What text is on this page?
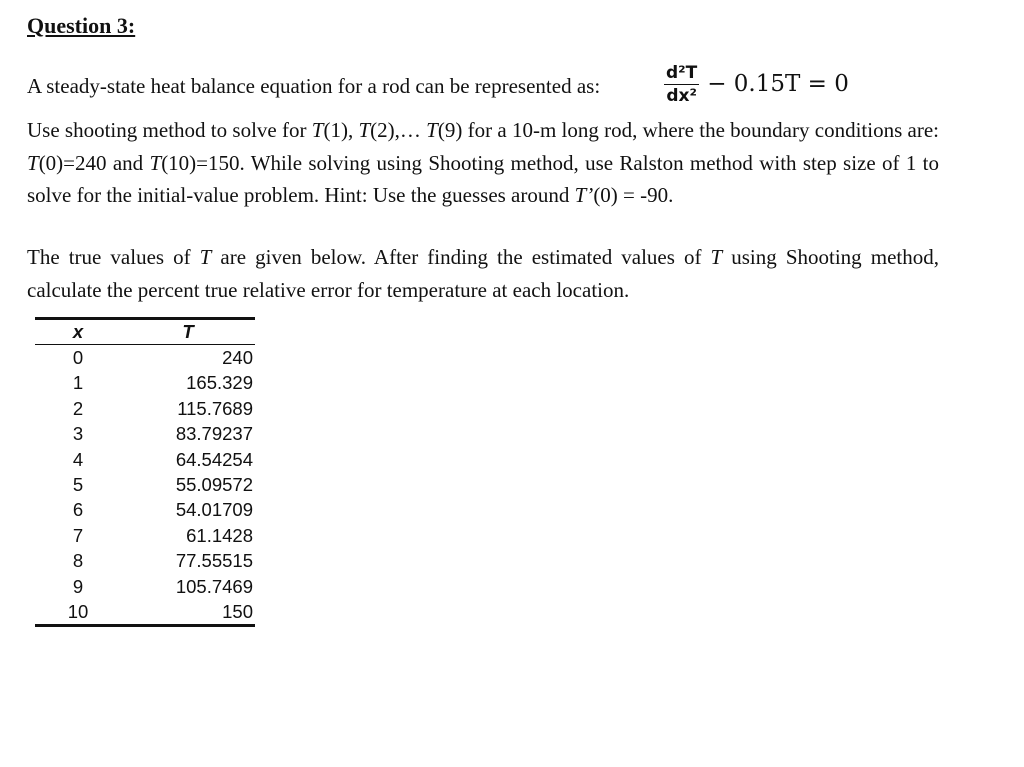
Question 3:
A steady-state heat balance equation for a rod can be represented as:	$\frac{\text{d²T}}{\text{dx²}} - 0.15T = 0$
Use shooting method to solve for T(1), T(2),… T(9) for a 10-m long rod, where the boundary conditions are: T(0)=240 and T(10)=150. While solving using Shooting method, use Ralston method with step size of 1 to solve for the initial-value problem. Hint: Use the guesses around T’(0) = -90.
The true values of T are given below. After finding the estimated values of T using Shooting method, calculate the percent true relative error for temperature at each location.
x	T
0	240
1	165.329
2	115.7689
3	83.79237
4	64.54254
5	55.09572
6	54.01709
7	61.1428
8	77.55515
9	105.7469
10	150
